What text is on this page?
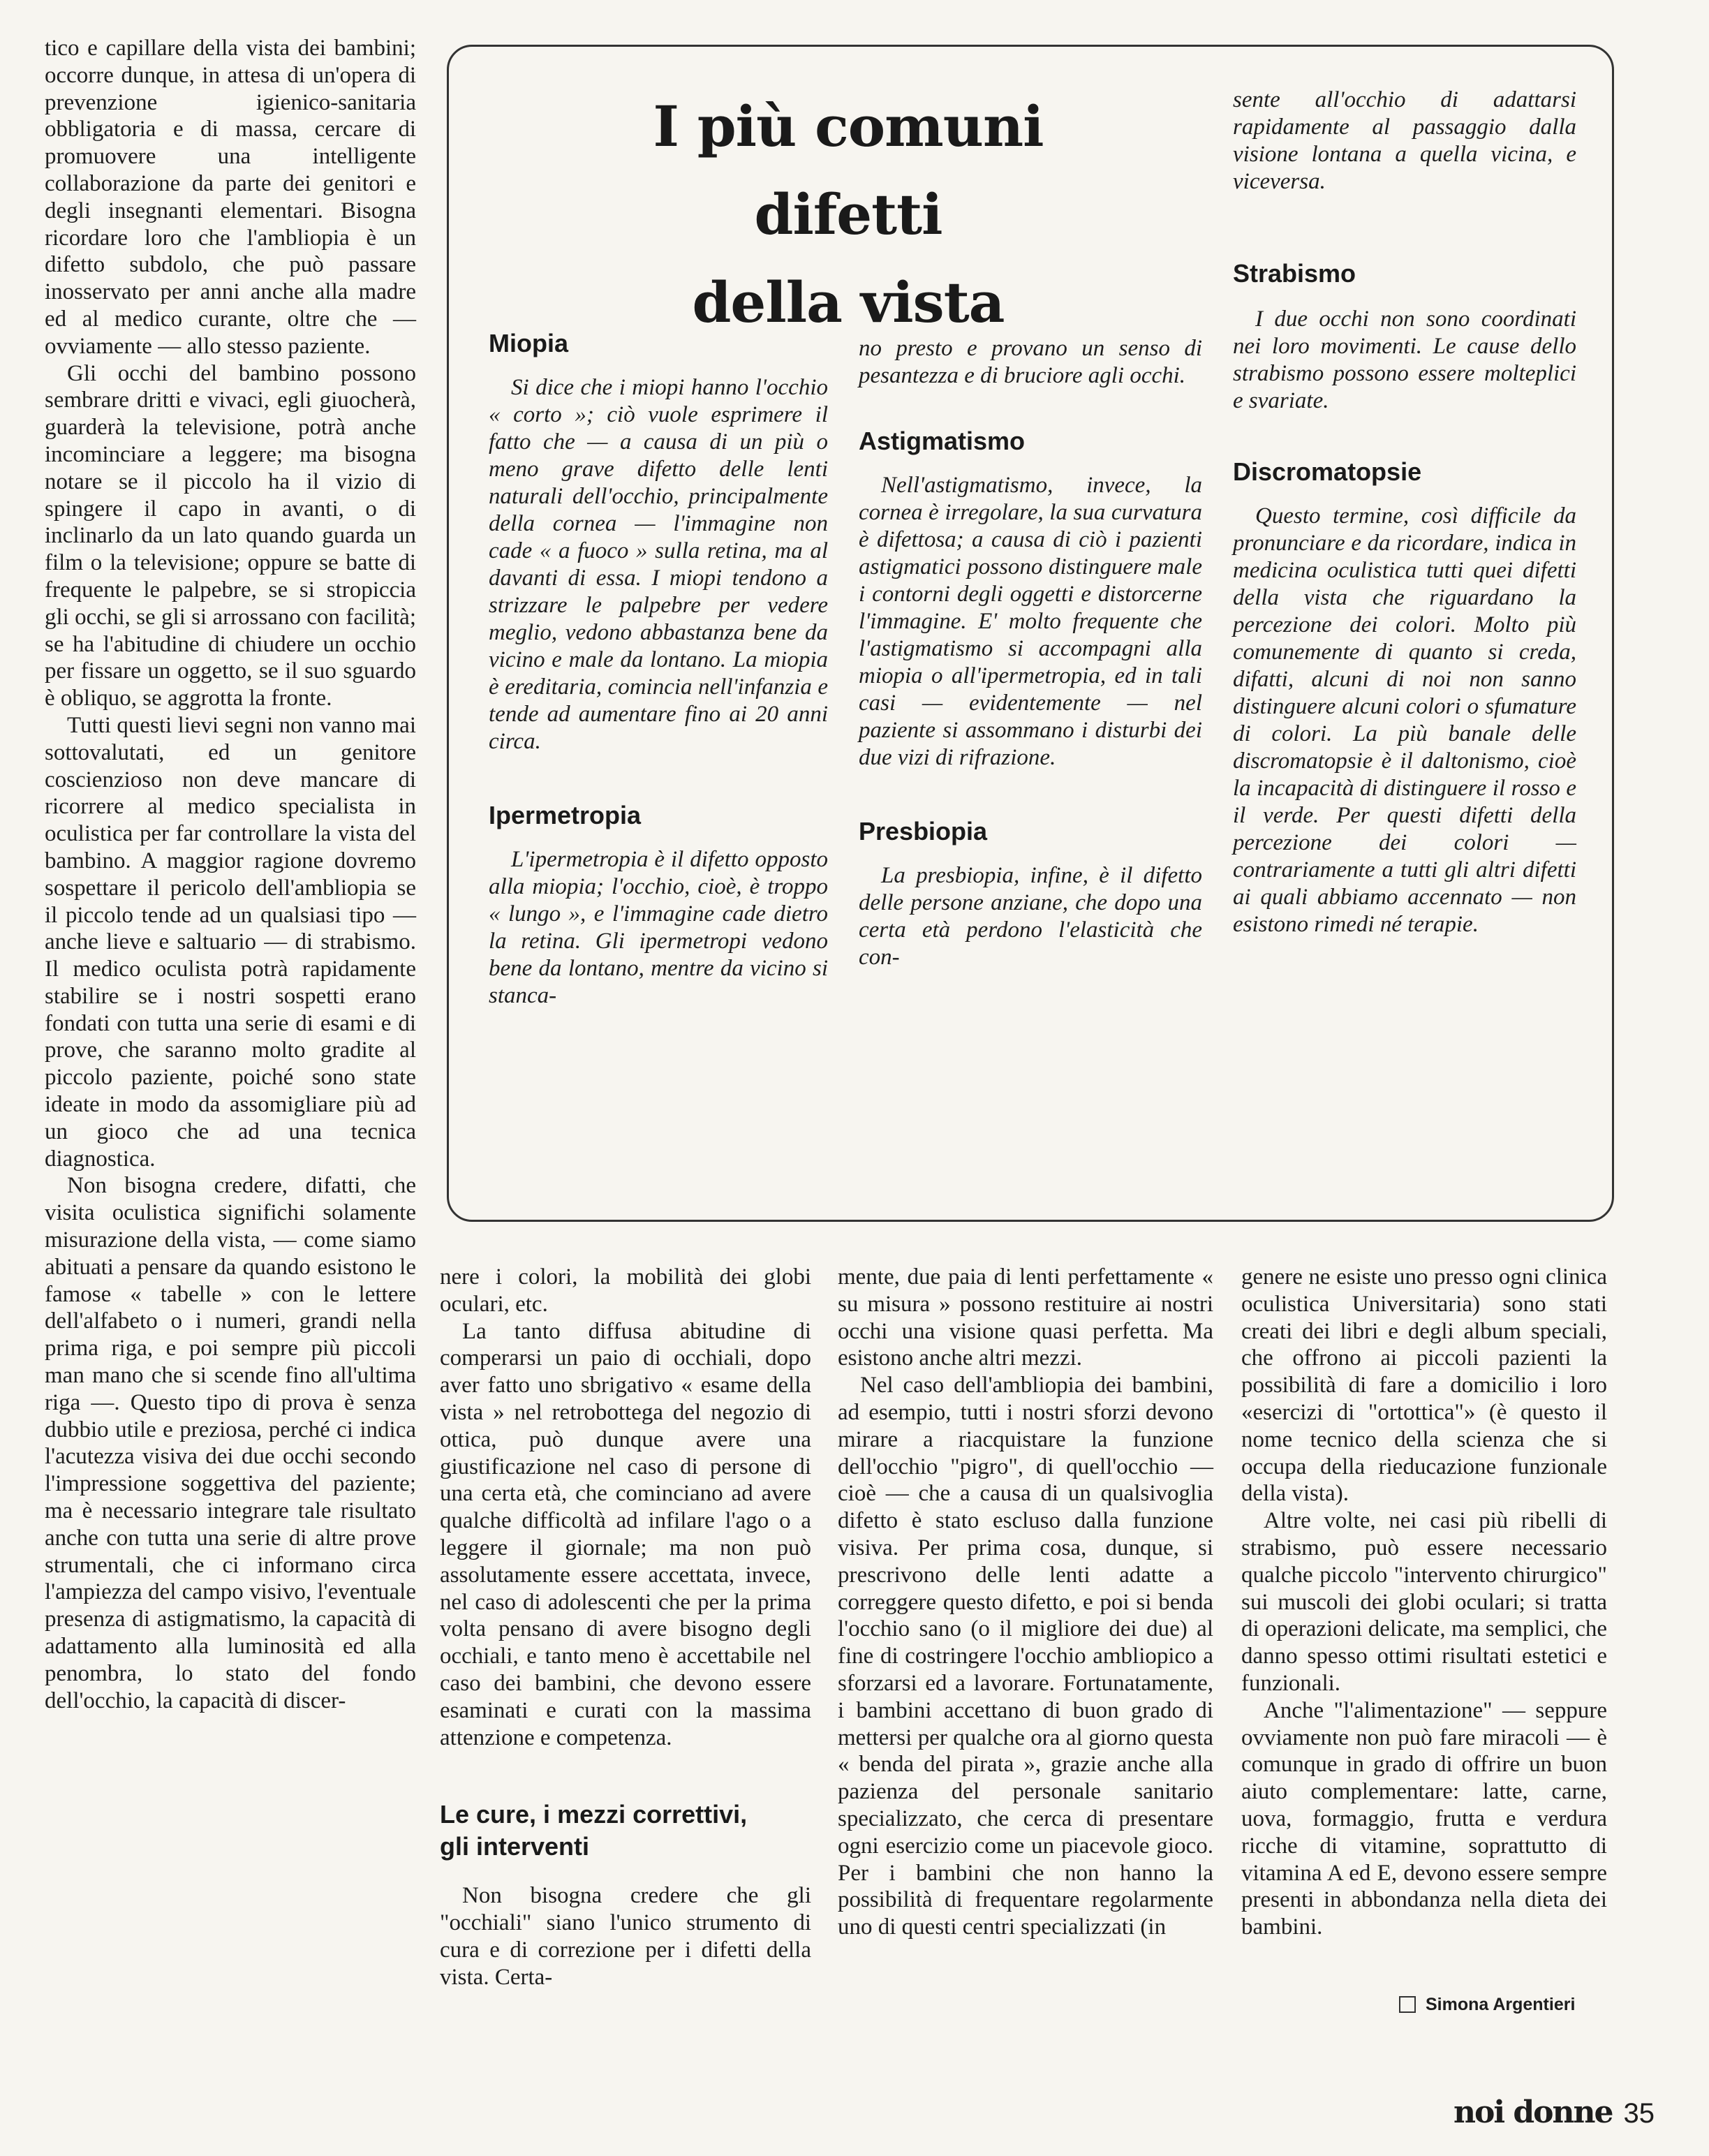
tico e capillare della vista dei bambini; occorre dunque, in attesa di un'opera di prevenzione igienico-sanitaria obbligatoria e di massa, cercare di promuovere una intelligente collaborazione da parte dei genitori e degli insegnanti elementari. Bisogna ricordare loro che l'ambliopia è un difetto subdolo, che può passare inosservato per anni anche alla madre ed al medico curante, oltre che — ovviamente — allo stesso paziente.

Gli occhi del bambino possono sembrare dritti e vivaci, egli giuocherà, guarderà la televisione, potrà anche incominciare a leggere; ma bisogna notare se il piccolo ha il vizio di spingere il capo in avanti, o di inclinarlo da un lato quando guarda un film o la televisione; oppure se batte di frequente le palpebre, se si stropiccia gli occhi, se gli si arrossano con facilità; se ha l'abitudine di chiudere un occhio per fissare un oggetto, se il suo sguardo è obliquo, se aggrotta la fronte.

Tutti questi lievi segni non vanno mai sottovalutati, ed un genitore coscienzioso non deve mancare di ricorrere al medico specialista in oculistica per far controllare la vista del bambino. A maggior ragione dovremo sospettare il pericolo dell'ambliopia se il piccolo tende ad un qualsiasi tipo — anche lieve e saltuario — di strabismo. Il medico oculista potrà rapidamente stabilire se i nostri sospetti erano fondati con tutta una serie di esami e di prove, che saranno molto gradite al piccolo paziente, poiché sono state ideate in modo da assomigliare più ad un gioco che ad una tecnica diagnostica.

Non bisogna credere, difatti, che visita oculistica significhi solamente misurazione della vista, — come siamo abituati a pensare da quando esistono le famose « tabelle » con le lettere dell'alfabeto o i numeri, grandi nella prima riga, e poi sempre più piccoli man mano che si scende fino all'ultima riga —. Questo tipo di prova è senza dubbio utile e preziosa, perché ci indica l'acutezza visiva dei due occhi secondo l'impressione soggettiva del paziente; ma è necessario integrare tale risultato anche con tutta una serie di altre prove strumentali, che ci informano circa l'ampiezza del campo visivo, l'eventuale presenza di astigmatismo, la capacità di adattamento alla luminosità ed alla penombra, lo stato del fondo dell'occhio, la capacità di discer-

I più comuni
difetti
della vista
Miopia

Si dice che i miopi hanno l'occhio « corto »; ciò vuole esprimere il fatto che — a causa di un più o meno grave difetto delle lenti naturali dell'occhio, principalmente della cornea — l'immagine non cade « a fuoco » sulla retina, ma al davanti di essa. I miopi tendono a strizzare le palpebre per vedere meglio, vedono abbastanza bene da vicino e male da lontano. La miopia è ereditaria, comincia nell'infanzia e tende ad aumentare fino ai 20 anni circa.

Ipermetropia

L'ipermetropia è il difetto opposto alla miopia; l'occhio, cioè, è troppo « lungo », e l'immagine cade dietro la retina. Gli ipermetropi vedono bene da lontano, mentre da vicino si stanca-

no presto e provano un senso di pesantezza e di bruciore agli occhi.

Astigmatismo

Nell'astigmatismo, invece, la cornea è irregolare, la sua curvatura è difettosa; a causa di ciò i pazienti astigmatici possono distinguere male i contorni degli oggetti e distorcerne l'immagine. E' molto frequente che l'astigmatismo si accompagni alla miopia o all'ipermetropia, ed in tali casi — evidentemente — nel paziente si assommano i disturbi dei due vizi di rifrazione.

Presbiopia

La presbiopia, infine, è il difetto delle persone anziane, che dopo una certa età perdono l'elasticità che con-

sente all'occhio di adattarsi rapidamente al passaggio dalla visione lontana a quella vicina, e viceversa.

Strabismo

I due occhi non sono coordinati nei loro movimenti. Le cause dello strabismo possono essere molteplici e svariate.

Discromatopsie

Questo termine, così difficile da pronunciare e da ricordare, indica in medicina oculistica tutti quei difetti della vista che riguardano la percezione dei colori. Molto più comunemente di quanto si creda, difatti, alcuni di noi non sanno distinguere alcuni colori o sfumature di colori. La più banale delle discromatopsie è il daltonismo, cioè la incapacità di distinguere il rosso e il verde. Per questi difetti della percezione dei colori — contrariamente a tutti gli altri difetti ai quali abbiamo accennato — non esistono rimedi né terapie.

nere i colori, la mobilità dei globi oculari, etc.

La tanto diffusa abitudine di comperarsi un paio di occhiali, dopo aver fatto uno sbrigativo « esame della vista » nel retrobottega del negozio di ottica, può dunque avere una giustificazione nel caso di persone di una certa età, che cominciano ad avere qualche difficoltà ad infilare l'ago o a leggere il giornale; ma non può assolutamente essere accettata, invece, nel caso di adolescenti che per la prima volta pensano di avere bisogno degli occhiali, e tanto meno è accettabile nel caso dei bambini, che devono essere esaminati e curati con la massima attenzione e competenza.

Le cure, i mezzi correttivi,
gli interventi

Non bisogna credere che gli "occhiali" siano l'unico strumento di cura e di correzione per i difetti della vista. Certa-

mente, due paia di lenti perfettamente « su misura » possono restituire ai nostri occhi una visione quasi perfetta. Ma esistono anche altri mezzi.

Nel caso dell'ambliopia dei bambini, ad esempio, tutti i nostri sforzi devono mirare a riacquistare la funzione dell'occhio "pigro", di quell'occhio — cioè — che a causa di un qualsivoglia difetto è stato escluso dalla funzione visiva. Per prima cosa, dunque, si prescrivono delle lenti adatte a correggere questo difetto, e poi si benda l'occhio sano (o il migliore dei due) al fine di costringere l'occhio ambliopico a sforzarsi ed a lavorare. Fortunatamente, i bambini accettano di buon grado di mettersi per qualche ora al giorno questa « benda del pirata », grazie anche alla pazienza del personale sanitario specializzato, che cerca di presentare ogni esercizio come un piacevole gioco. Per i bambini che non hanno la possibilità di frequentare regolarmente uno di questi centri specializzati (in

genere ne esiste uno presso ogni clinica oculistica Universitaria) sono stati creati dei libri e degli album speciali, che offrono ai piccoli pazienti la possibilità di fare a domicilio i loro «esercizi di "ortottica"» (è questo il nome tecnico della scienza che si occupa della rieducazione funzionale della vista).

Altre volte, nei casi più ribelli di strabismo, può essere necessario qualche piccolo "intervento chirurgico" sui muscoli dei globi oculari; si tratta di operazioni delicate, ma semplici, che danno spesso ottimi risultati estetici e funzionali.

Anche "l'alimentazione" — seppure ovviamente non può fare miracoli — è comunque in grado di offrire un buon aiuto complementare: latte, carne, uova, formaggio, frutta e verdura ricche di vitamine, soprattutto di vitamina A ed E, devono essere sempre presenti in abbondanza nella dieta dei bambini.

Simona Argentieri
noi donne 35
